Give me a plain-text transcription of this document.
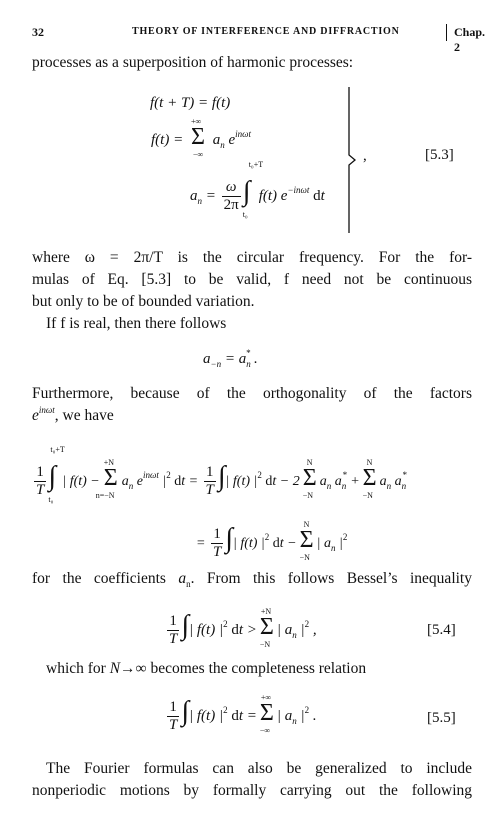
32	THEORY OF INTERFERENCE AND DIFFRACTION	Chap. 2
processes as a superposition of harmonic processes:
f(t + T) = f(t)
f(t) = Σ
+∞
−∞
$a_n$ $e^{in\omega t}$
$a_n = \frac{\omega}{2\pi}$ ∫
t₀+T
t₀
f(t) $e^{-in\omega t}$ dt
,	[5.3]
where ω = 2π/T is the circular frequency. For the for-
mulas of Eq. [5.3] to be valid, f need not be continuous
but only to be of bounded variation.
If f is real, then there follows
$a_{-n} = a_n^*$ .
Furthermore, because of the orthogonality of the factors
$e^{in\omega t}$, we have
$\frac{1}{T}$ ∫
t₀+T
t₀
| f(t) − Σ
+N
n=−N
$a_n$ $e^{in\omega t}$ $|^2$ dt = $\frac{1}{T}$ ∫| f(t) $|^2$ dt − 2 Σ
N
−N
$a_n$ $a_n^* + \Sigma$
N
−N
$a_n$ $a_n^*$
= $\frac{1}{T}$ ∫| f(t) $|^2$ dt − Σ
N
−N
| $a_n$ $|^2$
for the coefficients $a_n$. From this follows Bessel’s inequality
$\frac{1}{T}$ ∫| f(t) $|^2$ dt > Σ
+N
−N
| $a_n$ $|^2$ ,	[5.4]
which for N→∞ becomes the completeness relation
$\frac{1}{T}$ ∫| f(t) $|^2$ dt = Σ
+∞
−∞
| $a_n$ $|^2$ .	[5.5]
The Fourier formulas can also be generalized to include
nonperiodic motions by formally carrying out the following
